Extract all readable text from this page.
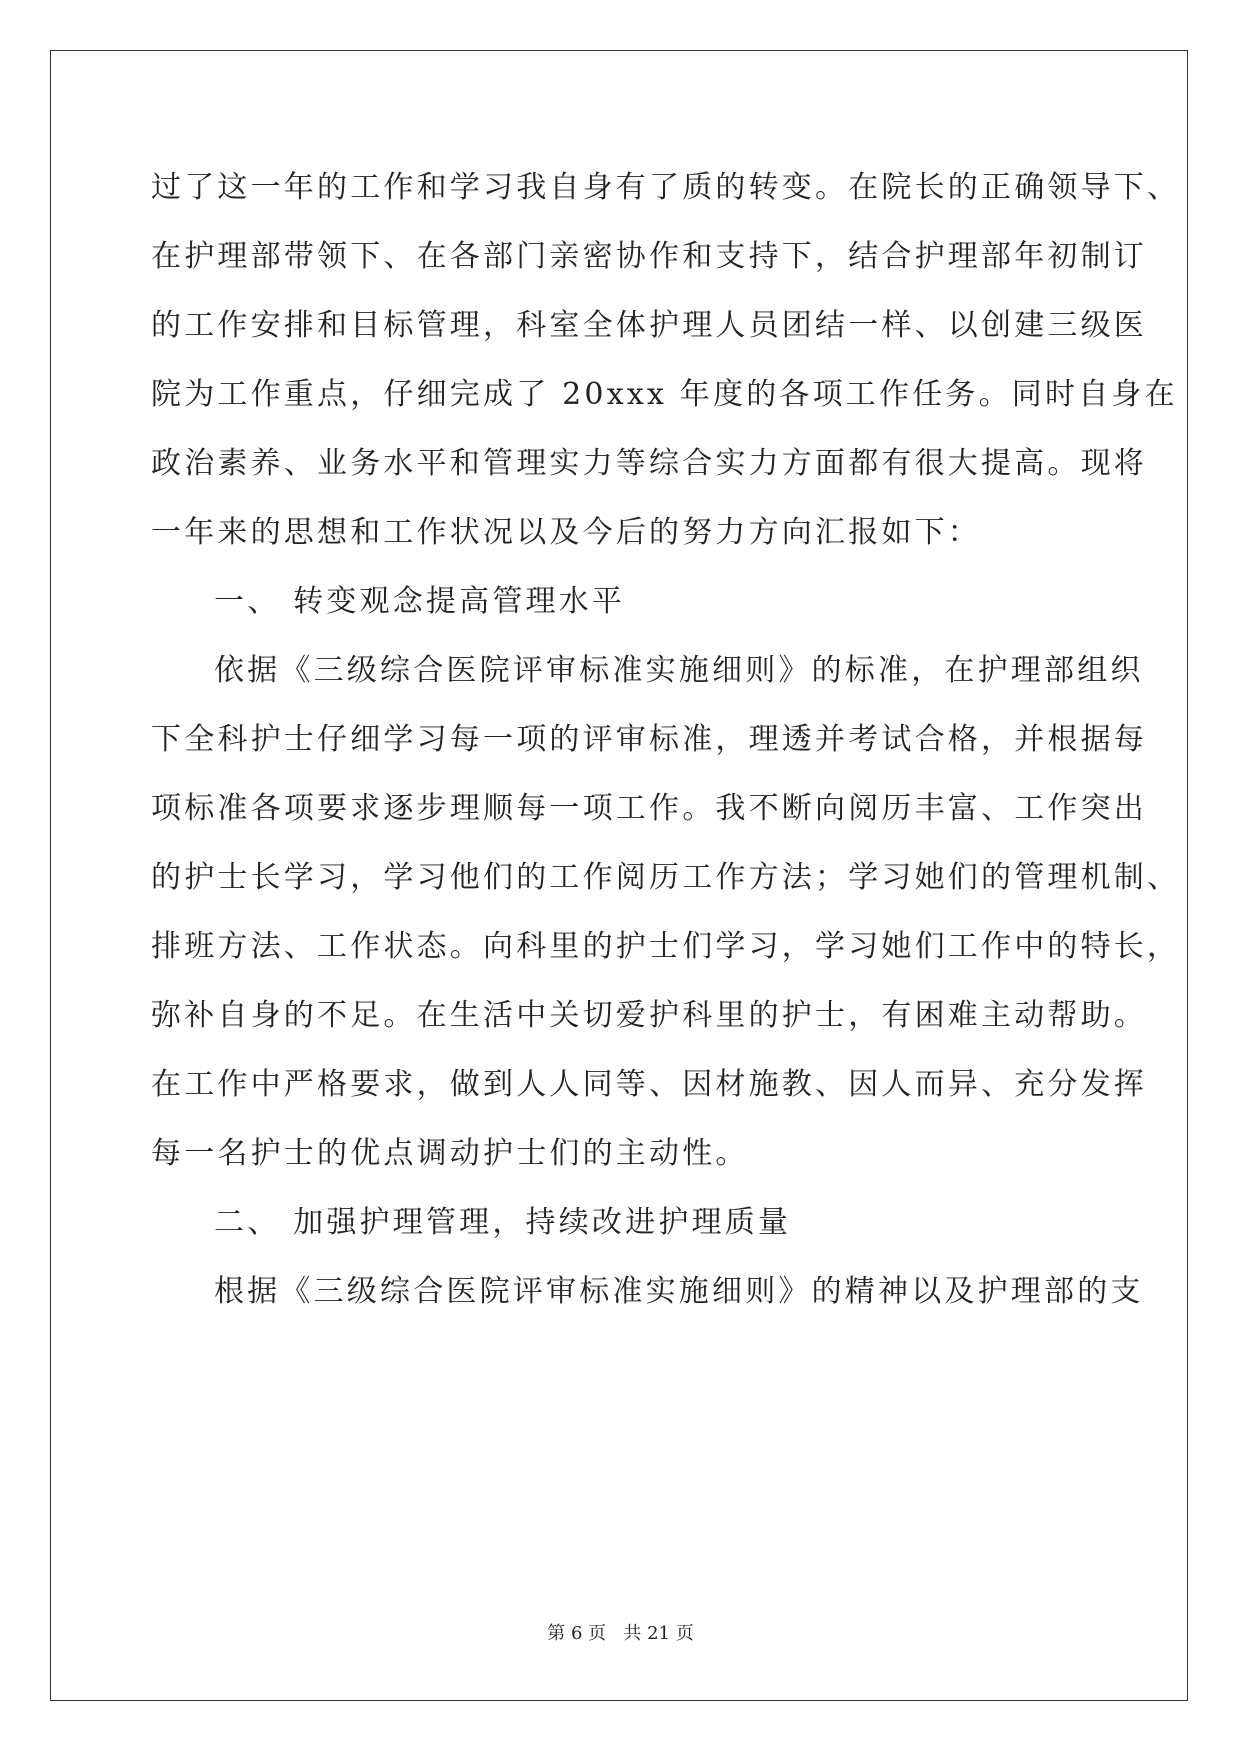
过了这一年的工作和学习我自身有了质的转变。在院长的正确领导下、
在护理部带领下、在各部门亲密协作和支持下，结合护理部年初制订
的工作安排和目标管理，科室全体护理人员团结一样、以创建三级医
院为工作重点，仔细完成了 20xxx 年度的各项工作任务。同时自身在
政治素养、业务水平和管理实力等综合实力方面都有很大提高。现将
一年来的思想和工作状况以及今后的努力方向汇报如下：
一、 转变观念提高管理水平
依据《三级综合医院评审标准实施细则》的标准，在护理部组织
下全科护士仔细学习每一项的评审标准，理透并考试合格，并根据每
项标准各项要求逐步理顺每一项工作。我不断向阅历丰富、工作突出
的护士长学习，学习他们的工作阅历工作方法；学习她们的管理机制、
排班方法、工作状态。向科里的护士们学习，学习她们工作中的特长，
弥补自身的不足。在生活中关切爱护科里的护士，有困难主动帮助。
在工作中严格要求，做到人人同等、因材施教、因人而异、充分发挥
每一名护士的优点调动护士们的主动性。
二、 加强护理管理，持续改进护理质量
根据《三级综合医院评审标准实施细则》的精神以及护理部的支
第 6 页   共 21 页
